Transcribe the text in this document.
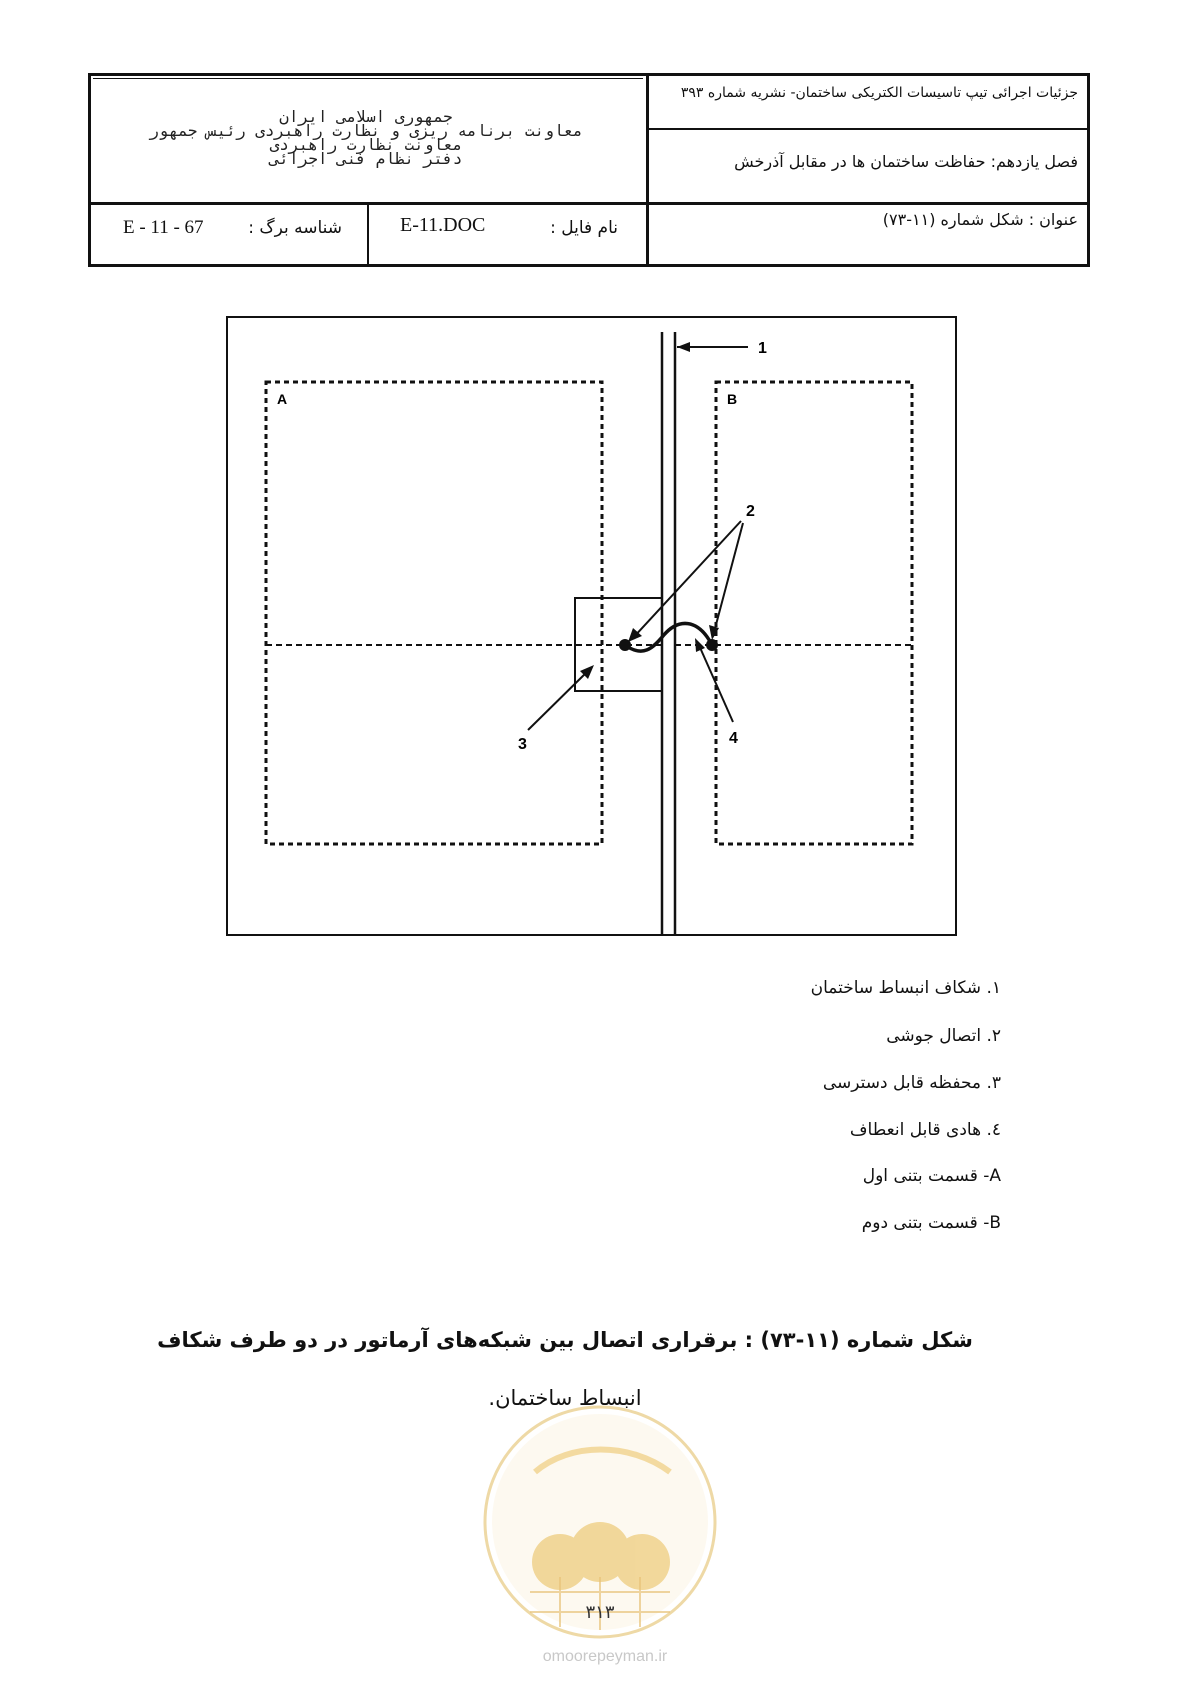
جمهوری اسلامی ایران
معاونت برنامه ریزی و نظارت راهبردی رئیس جمهور
معاونت نظارت راهبردی
دفتر نظام فنی اجرائی
جزئیات اجرائی تیپ تاسیسات الکتریکی ساختمان- نشریه شماره ۳۹۳
فصل یازدهم: حفاظت ساختمان ها در مقابل آذرخش
عنوان : شکل شماره (۱۱-۷۳)
نام فایل :
E-11.DOC
شناسه برگ :
E - 11 - 67
1
A	B
2
3	4
۱. شکاف انبساط ساختمان
۲. اتصال جوشی
۳. محفظه قابل دسترسی
٤. هادی قابل انعطاف
A- قسمت بتنی اول
B- قسمت بتنی دوم
شکل شماره (۱۱-۷۳) : برقراری اتصال بین شبکه‌های آرماتور در دو طرف شکاف
انبساط ساختمان.
۳۱۳
omoorepeyman.ir
